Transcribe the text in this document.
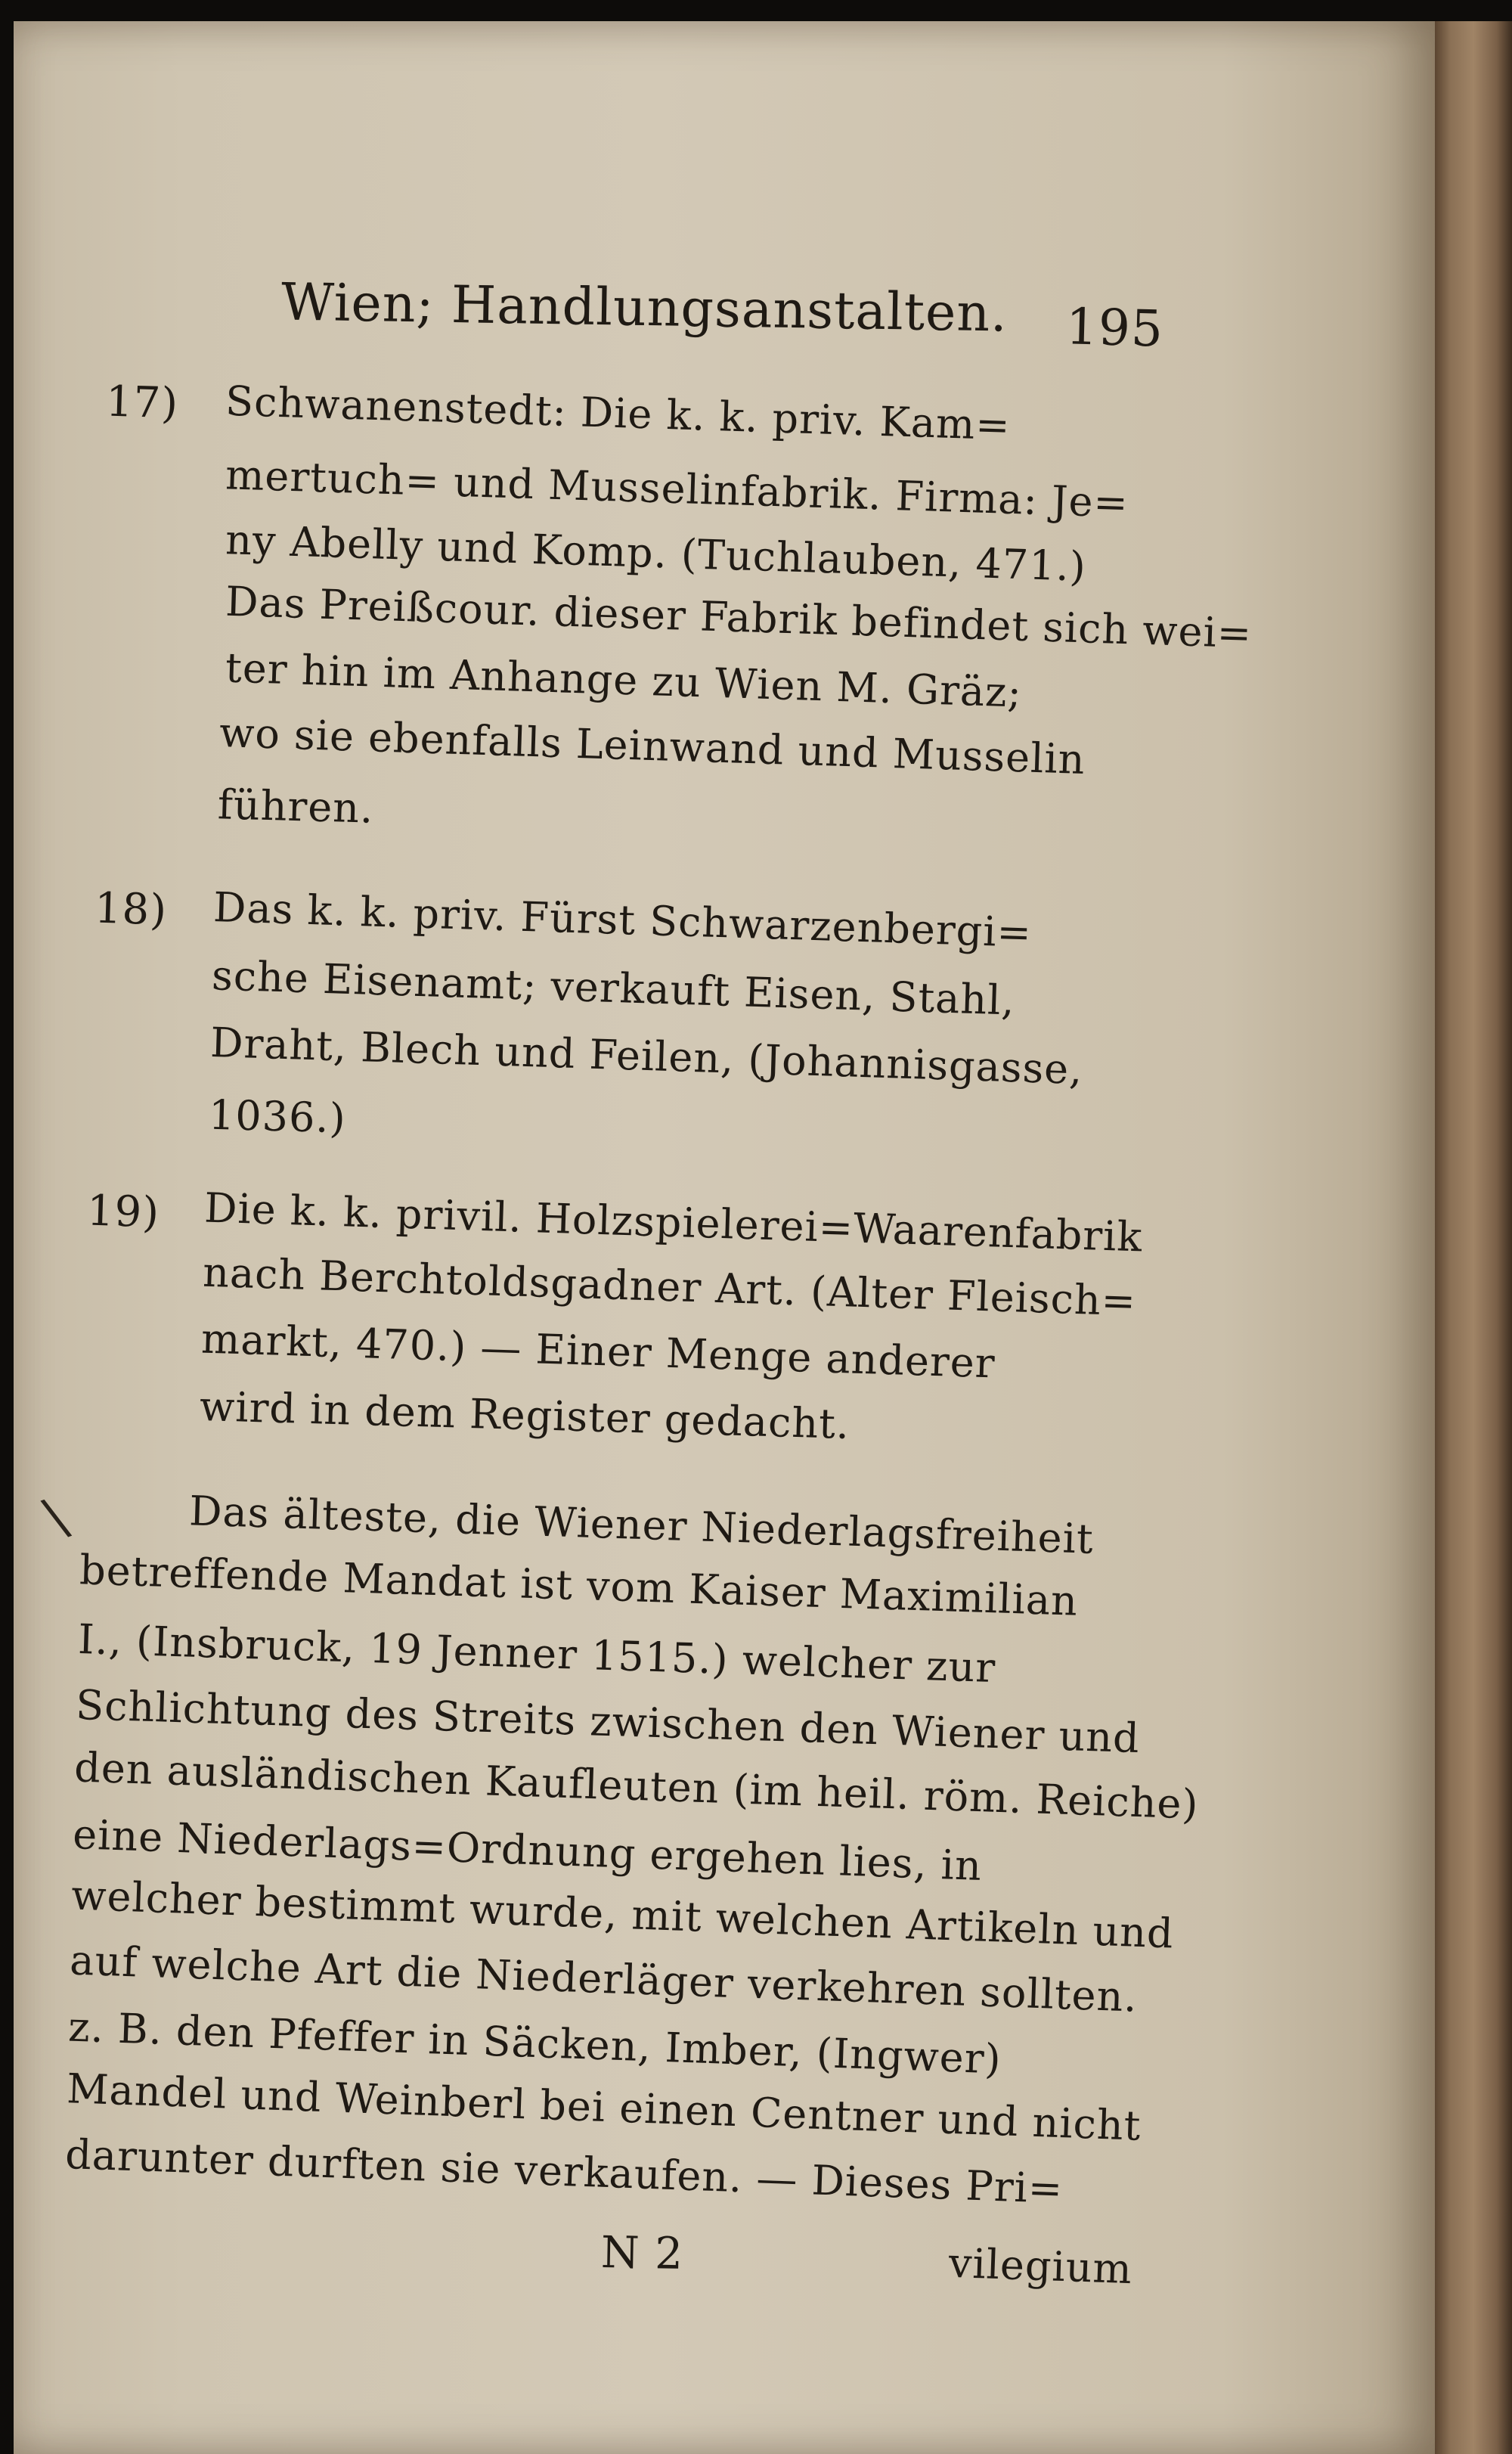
Wien; Handlungsanstalten. 195
17) Schwanenstedt: Die k. k. priv. Kam=
mertuch= und Musselinfabrik. Firma: Je=
ny Abelly und Komp. (Tuchlauben, 471.)
Das Preißcour. dieser Fabrik befindet sich wei=
ter hin im Anhange zu Wien M. Gräz;
wo sie ebenfalls Leinwand und Musselin
führen.
18) Das k. k. priv. Fürst Schwarzenbergi=
sche Eisenamt; verkauft Eisen, Stahl,
Draht, Blech und Feilen, (Johannisgasse,
1036.)
19) Die k. k. privil. Holzspielerei=Waarenfabrik
nach Berchtoldsgadner Art. (Alter Fleisch=
markt, 470.) — Einer Menge anderer
wird in dem Register gedacht.
\	Das älteste, die Wiener Niederlagsfreiheit
betreffende Mandat ist vom Kaiser Maximilian
I., (Insbruck, 19 Jenner 1515.) welcher zur
Schlichtung des Streits zwischen den Wiener und
den ausländischen Kaufleuten (im heil. röm. Reiche)
eine Niederlags=Ordnung ergehen lies, in
welcher bestimmt wurde, mit welchen Artikeln und
auf welche Art die Niederläger verkehren sollten.
z. B. den Pfeffer in Säcken, Imber, (Ingwer)
Mandel und Weinberl bei einen Centner und nicht
darunter durften sie verkaufen. — Dieses Pri=
N 2	vilegium
